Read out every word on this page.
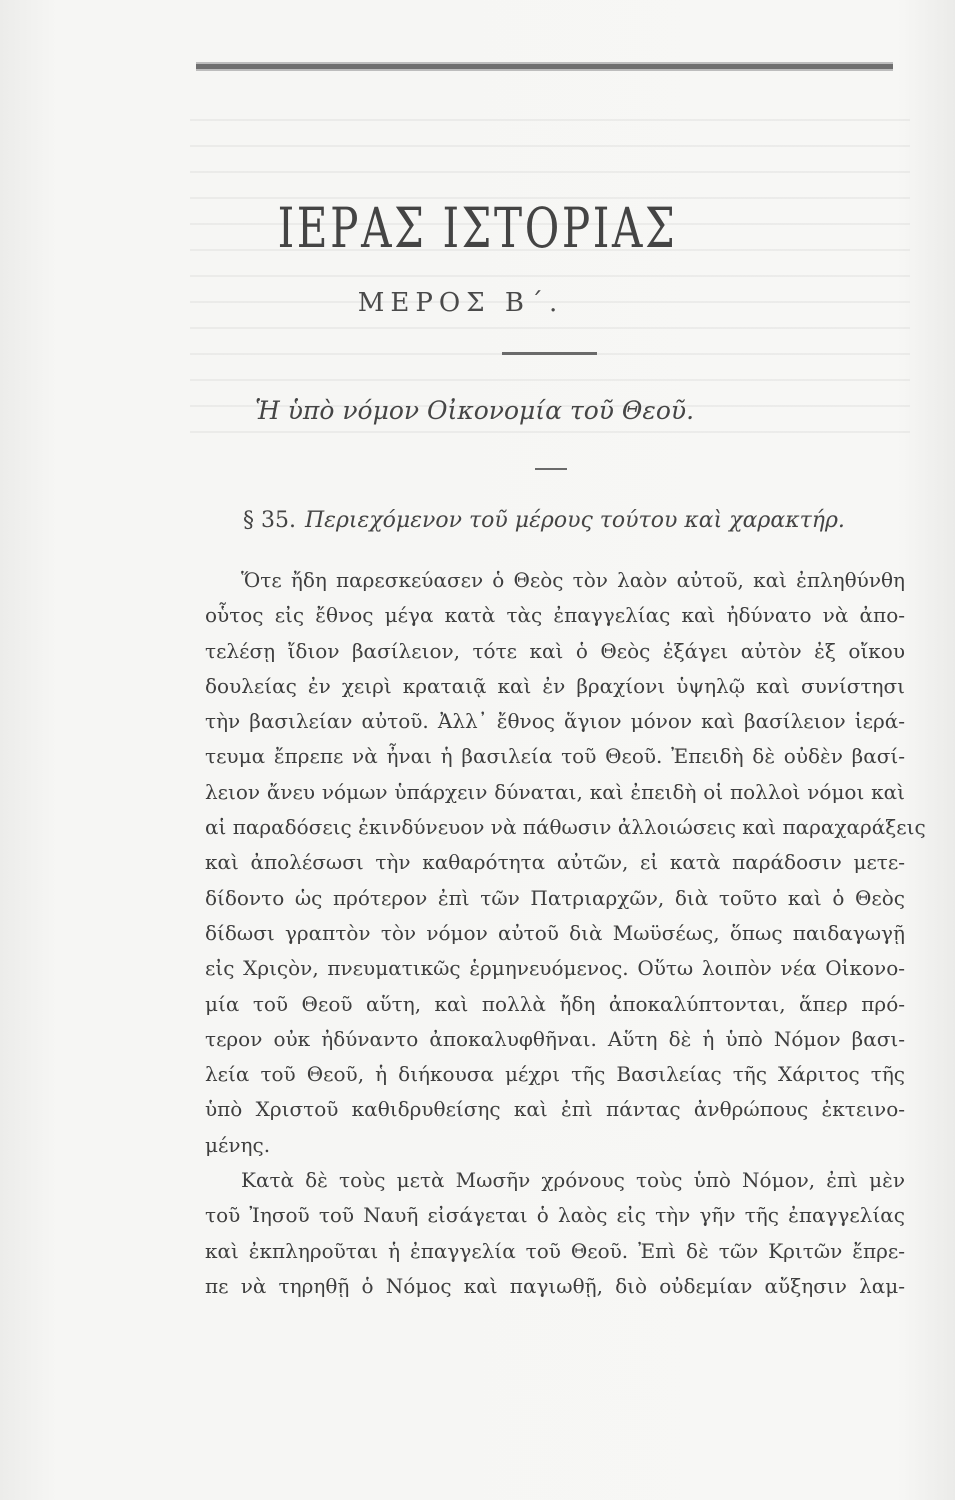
ΙΕΡΑΣ ΙΣΤΟΡΙΑΣ
ΜΕΡΟΣ Β΄.
Ἡ ὑπὸ νόμον Οἰκονομία τοῦ Θεοῦ.
§ 35. Περιεχόμενον τοῦ μέρους τούτου καὶ χαρακτήρ.
Ὅτε ἤδη παρεσκεύασεν ὁ Θεὸς τὸν λαὸν αὐτοῦ, καὶ ἐπληθύνθη
οὗτος εἰς ἔθνος μέγα κατὰ τὰς ἐπαγγελίας καὶ ἠδύνατο νὰ ἀπο-
τελέσῃ ἴδιον βασίλειον, τότε καὶ ὁ Θεὸς ἐξάγει αὐτὸν ἐξ οἴκου
δουλείας ἐν χειρὶ κραταιᾷ καὶ ἐν βραχίονι ὑψηλῷ καὶ συνίστησι
τὴν βασιλείαν αὐτοῦ. Ἀλλ᾽ ἔθνος ἅγιον μόνον καὶ βασίλειον ἱερά-
τευμα ἔπρεπε νὰ ἦναι ἡ βασιλεία τοῦ Θεοῦ. Ἐπειδὴ δὲ οὐδὲν βασί-
λειον ἄνευ νόμων ὑπάρχειν δύναται, καὶ ἐπειδὴ οἱ πολλοὶ νόμοι καὶ
αἱ παραδόσεις ἐκινδύνευον νὰ πάθωσιν ἀλλοιώσεις καὶ παραχαράξεις
καὶ ἀπολέσωσι τὴν καθαρότητα αὐτῶν, εἰ κατὰ παράδοσιν μετε-
δίδοντο ὡς πρότερον ἐπὶ τῶν Πατριαρχῶν, διὰ τοῦτο καὶ ὁ Θεὸς
δίδωσι γραπτὸν τὸν νόμον αὐτοῦ διὰ Μωϋσέως, ὅπως παιδαγωγῇ
εἰς Χριςὸν, πνευματικῶς ἑρμηνευόμενος. Οὕτω λοιπὸν νέα Οἰκονο-
μία τοῦ Θεοῦ αὕτη, καὶ πολλὰ ἤδη ἀποκαλύπτονται, ἅπερ πρό-
τερον οὐκ ἠδύναντο ἀποκαλυφθῆναι. Αὕτη δὲ ἡ ὑπὸ Νόμον βασι-
λεία τοῦ Θεοῦ, ἡ διήκουσα μέχρι τῆς Βασιλείας τῆς Χάριτος τῆς
ὑπὸ Χριστοῦ καθιδρυθείσης καὶ ἐπὶ πάντας ἀνθρώπους ἐκτεινο-
μένης.
Κατὰ δὲ τοὺς μετὰ Μωσῆν χρόνους τοὺς ὑπὸ Νόμον, ἐπὶ μὲν
τοῦ Ἰησοῦ τοῦ Ναυῆ εἰσάγεται ὁ λαὸς εἰς τὴν γῆν τῆς ἐπαγγελίας
καὶ ἐκπληροῦται ἡ ἐπαγγελία τοῦ Θεοῦ. Ἐπὶ δὲ τῶν Κριτῶν ἔπρε-
πε νὰ τηρηθῇ ὁ Νόμος καὶ παγιωθῇ, διὸ οὐδεμίαν αὔξησιν λαμ-
